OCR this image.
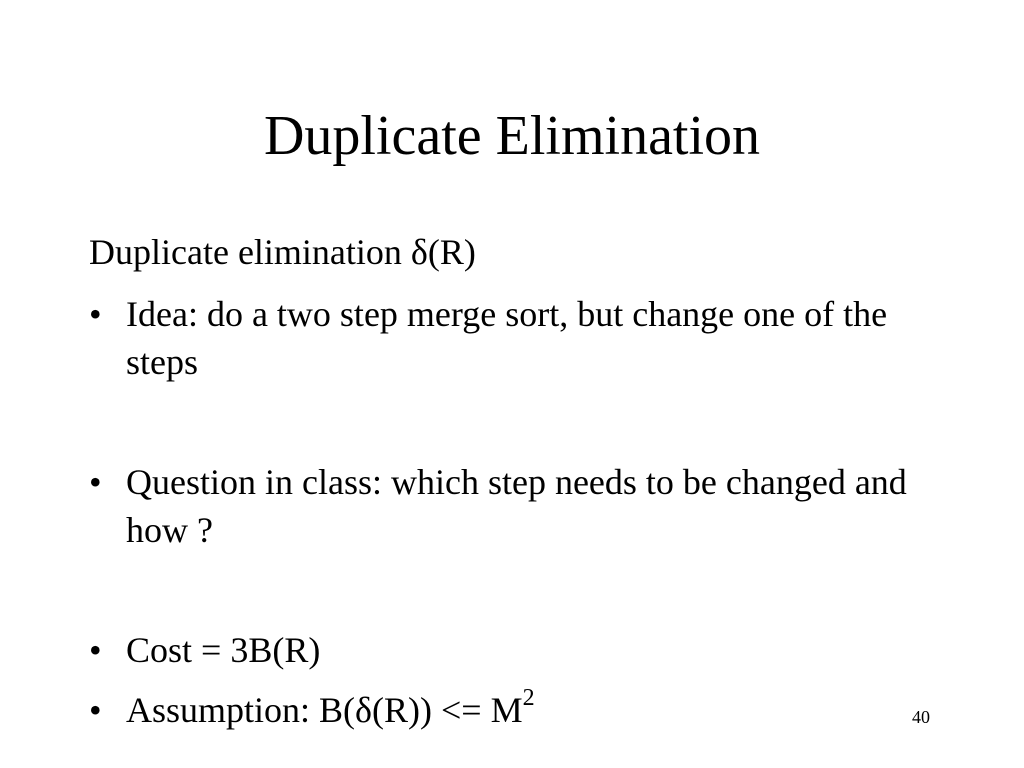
Duplicate Elimination

Duplicate elimination δ(R)

• Idea: do a two step merge sort, but change one of the steps
• Question in class: which step needs to be changed and how ?
• Cost = 3B(R)
• Assumption: $B(\delta(R)) <= M^2$
40
